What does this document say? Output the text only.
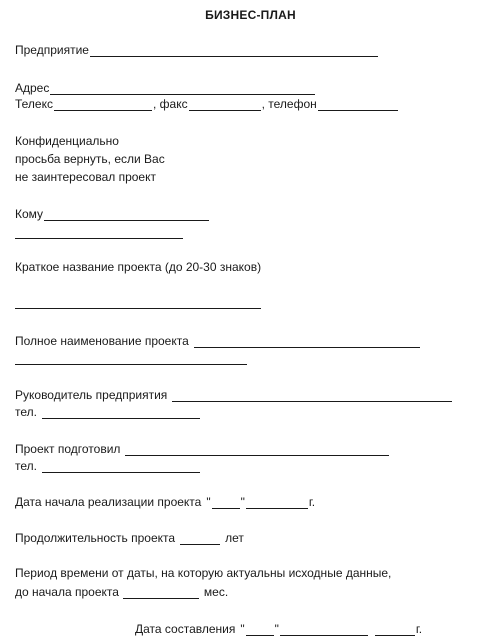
БИЗНЕС-ПЛАН
Предприятие
Адрес
Телекс	, факс	, телефон
Конфиденциально
просьба вернуть, если Вас
не заинтересовал проект
Кому
Краткое название проекта (до 20-30 знаков)
Полное наименование проекта
Руководитель предприятия
тел.
Проект подготовил
тел.
Дата начала реализации проекта "	"	г.
Продолжительность проекта	лет
Период времени от даты, на которую актуальны исходные данные,
до начала проекта	мес.
Дата составления "	"	г.
